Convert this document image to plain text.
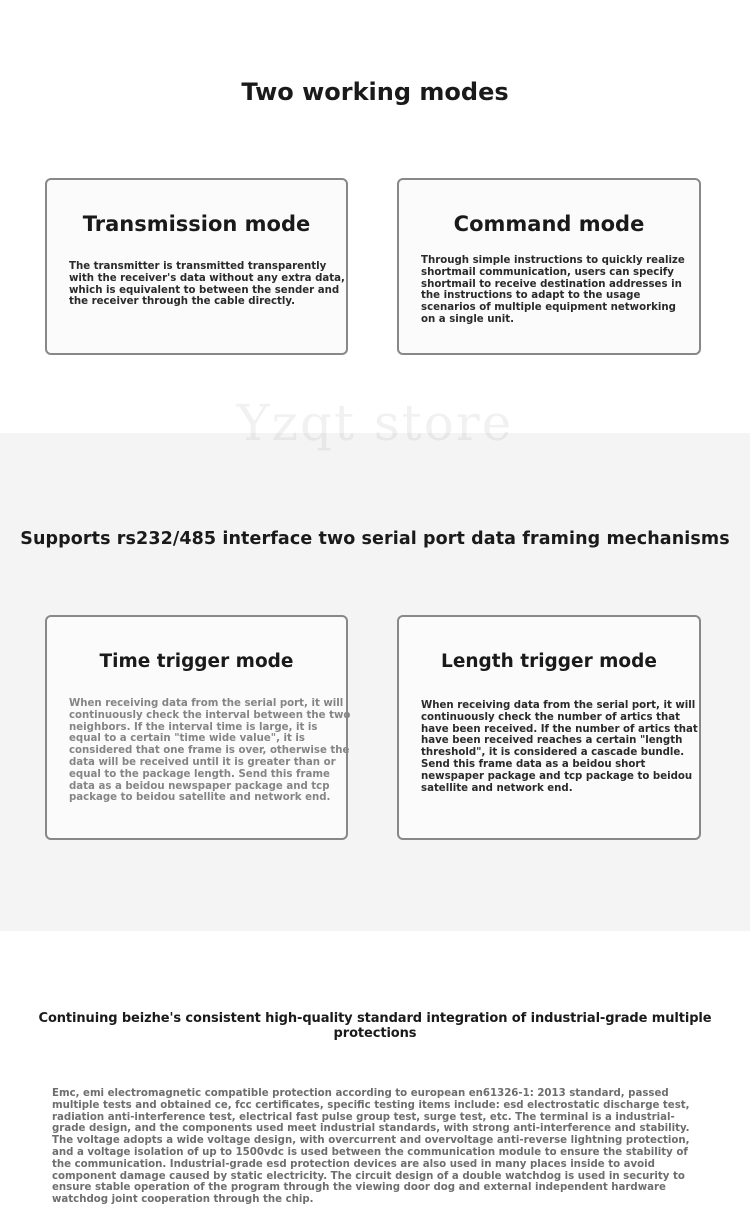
Two working modes
Transmission mode
The transmitter is transmitted transparently with the receiver's data without any extra data, which is equivalent to between the sender and the receiver through the cable directly.
Command mode
Through simple instructions to quickly realize shortmail communication, users can specify shortmail to receive destination addresses in the instructions to adapt to the usage scenarios of multiple equipment networking on a single unit.
Supports rs232/485 interface two serial port data framing mechanisms
Time trigger mode
When receiving data from the serial port, it will continuously check the interval between the two neighbors. If the interval time is large, it is equal to a certain "time wide value", it is considered that one frame is over, otherwise the data will be received until it is greater than or equal to the package length. Send this frame data as a beidou newspaper package and tcp package to beidou satellite and network end.
Length trigger mode
When receiving data from the serial port, it will continuously check the number of artics that have been received. If the number of artics that have been received reaches a certain "length threshold", it is considered a cascade bundle. Send this frame data as a beidou short newspaper package and tcp package to beidou satellite and network end.
Continuing beizhe's consistent high-quality standard integration of industrial-grade multiple protections
Emc, emi electromagnetic compatible protection according to european en61326-1: 2013 standard, passed multiple tests and obtained ce, fcc certificates, specific testing items include: esd electrostatic discharge test, radiation anti-interference test, electrical fast pulse group test, surge test, etc. The terminal is a industrial-grade design, and the components used meet industrial standards, with strong anti-interference and stability. The voltage adopts a wide voltage design, with overcurrent and overvoltage anti-reverse lightning protection, and a voltage isolation of up to 1500vdc is used between the communication module to ensure the stability of the communication. Industrial-grade esd protection devices are also used in many places inside to avoid component damage caused by static electricity. The circuit design of a double watchdog is used in security to ensure stable operation of the program through the viewing door dog and external independent hardware watchdog joint cooperation through the chip.
